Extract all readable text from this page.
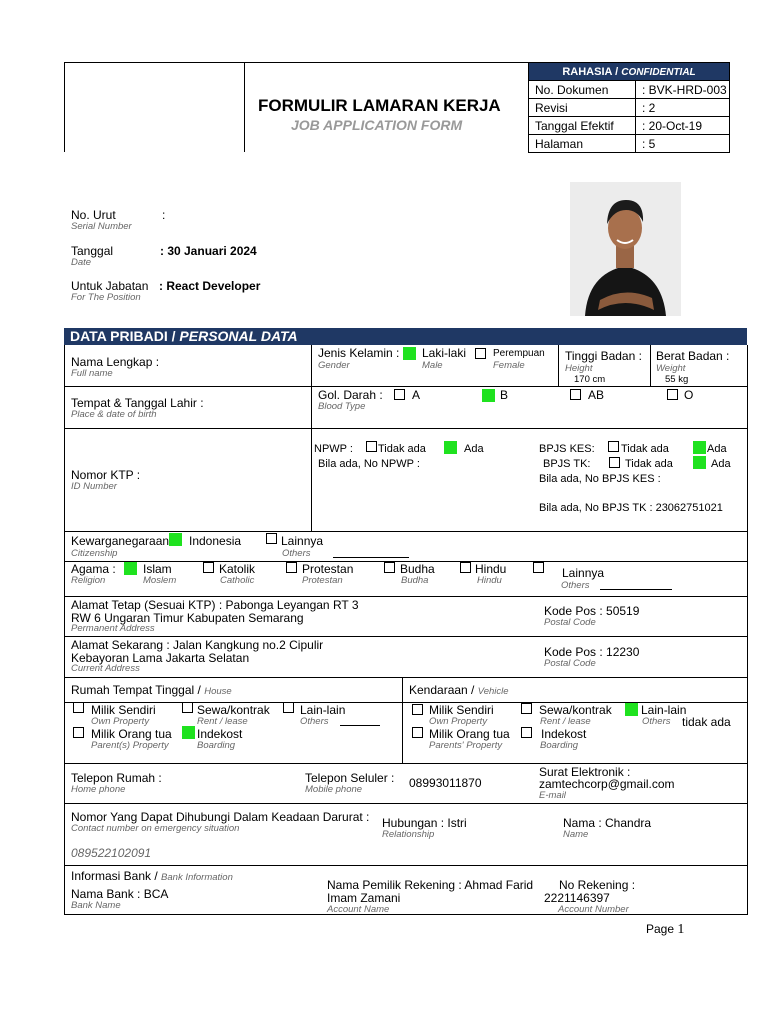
FORMULIR LAMARAN KERJA
JOB APPLICATION FORM
RAHASIA / CONFIDENTIAL	
No. Dokumen	: BVK-HRD-003
Revisi	: 2
Tanggal Efektif	: 20-Oct-19
Halaman	: 5
No. Urut
Serial Number
:
Tanggal
Date
: 30 Januari 2024
Untuk Jabatan
For The Position
: React Developer
DATA PRIBADI / PERSONAL DATA
Nama Lengkap :
Full name
Jenis Kelamin :
Gender
Laki-laki
Male
Perempuan
Female
Tinggi Badan :
Height
170 cm
Berat Badan :
Weight
55 kg
Tempat & Tanggal Lahir :
Place & date of birth
Gol. Darah :
Blood Type
A	B	AB	O
Nomor KTP :
ID Number
NPWP : Tidak ada	Ada
Bila ada, No NPWP :
BPJS KES: Tidak ada	Ada
BPJS TK:	Tidak ada	Ada
Bila ada, No BPJS KES :
Bila ada, No BPJS TK : 23062751021
Kewarganegaraan
Citizenship
Indonesia	Lainnya
Others
Agama :
Religion
Islam
Moslem
Katolik
Catholic
Protestan
Protestan
Budha
Budha
Hindu
Hindu
Lainnya
Others
Alamat Tetap (Sesuai KTP) : Pabonga Leyangan RT 3
RW 6 Ungaran Timur Kabupaten Semarang
Permanent Address
Kode Pos : 50519
Postal Code
Alamat Sekarang : Jalan Kangkung no.2 Cipulir
Kebayoran Lama Jakarta Selatan
Current Address
Kode Pos : 12230
Postal Code
Rumah Tempat Tinggal / House	Kendaraan / Vehicle
Milik Sendiri
Own Property
Sewa/kontrak
Rent / lease
Lain-lain
Others
Milik Orang tua
Parent(s) Property
Indekost
Boarding
Milik Sendiri
Own Property
Sewa/kontrak
Rent / lease
Lain-lain
Others tidak ada
Milik Orang tua
Parents' Property
Indekost
Boarding
Telepon Rumah :
Home phone
Telepon Seluler :
Mobile phone	08993011870
Surat Elektronik :
zamtechcorp@gmail.com
E-mail
Nomor Yang Dapat Dihubungi Dalam Keadaan Darurat :
Contact number on emergency situation
089522102091
Hubungan : Istri
Relationship
Nama : Chandra
Name
Informasi Bank / Bank Information
Nama Bank : BCA
Bank Name
Nama Pemilik Rekening : Ahmad Farid
Imam Zamani
Account Name
No Rekening :
2221146397
Account Number
Page 1
